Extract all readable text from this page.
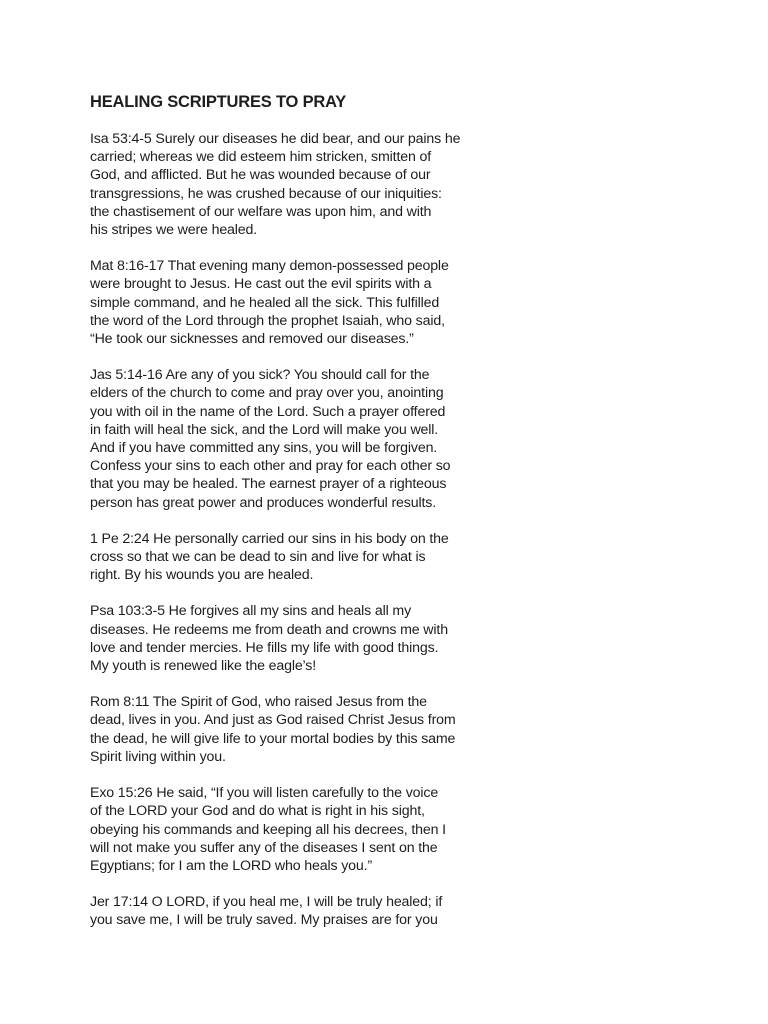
HEALING SCRIPTURES TO PRAY
Isa 53:4-5 Surely our diseases he did bear, and our pains he
carried; whereas we did esteem him stricken, smitten of
God, and afflicted. But he was wounded because of our
transgressions, he was crushed because of our iniquities:
the chastisement of our welfare was upon him, and with
his stripes we were healed.
Mat 8:16-17 That evening many demon-possessed people
were brought to Jesus. He cast out the evil spirits with a
simple command, and he healed all the sick. This fulfilled
the word of the Lord through the prophet Isaiah, who said,
“He took our sicknesses and removed our diseases.”
Jas 5:14-16 Are any of you sick? You should call for the
elders of the church to come and pray over you, anointing
you with oil in the name of the Lord. Such a prayer offered
in faith will heal the sick, and the Lord will make you well.
And if you have committed any sins, you will be forgiven.
Confess your sins to each other and pray for each other so
that you may be healed. The earnest prayer of a righteous
person has great power and produces wonderful results.
1 Pe 2:24 He personally carried our sins in his body on the
cross so that we can be dead to sin and live for what is
right. By his wounds you are healed.
Psa 103:3-5 He forgives all my sins and heals all my
diseases. He redeems me from death and crowns me with
love and tender mercies. He fills my life with good things.
My youth is renewed like the eagle’s!
Rom 8:11 The Spirit of God, who raised Jesus from the
dead, lives in you. And just as God raised Christ Jesus from
the dead, he will give life to your mortal bodies by this same
Spirit living within you.
Exo 15:26 He said, “If you will listen carefully to the voice
of the LORD your God and do what is right in his sight,
obeying his commands and keeping all his decrees, then I
will not make you suffer any of the diseases I sent on the
Egyptians; for I am the LORD who heals you.”
Jer 17:14 O LORD, if you heal me, I will be truly healed; if
you save me, I will be truly saved. My praises are for you
